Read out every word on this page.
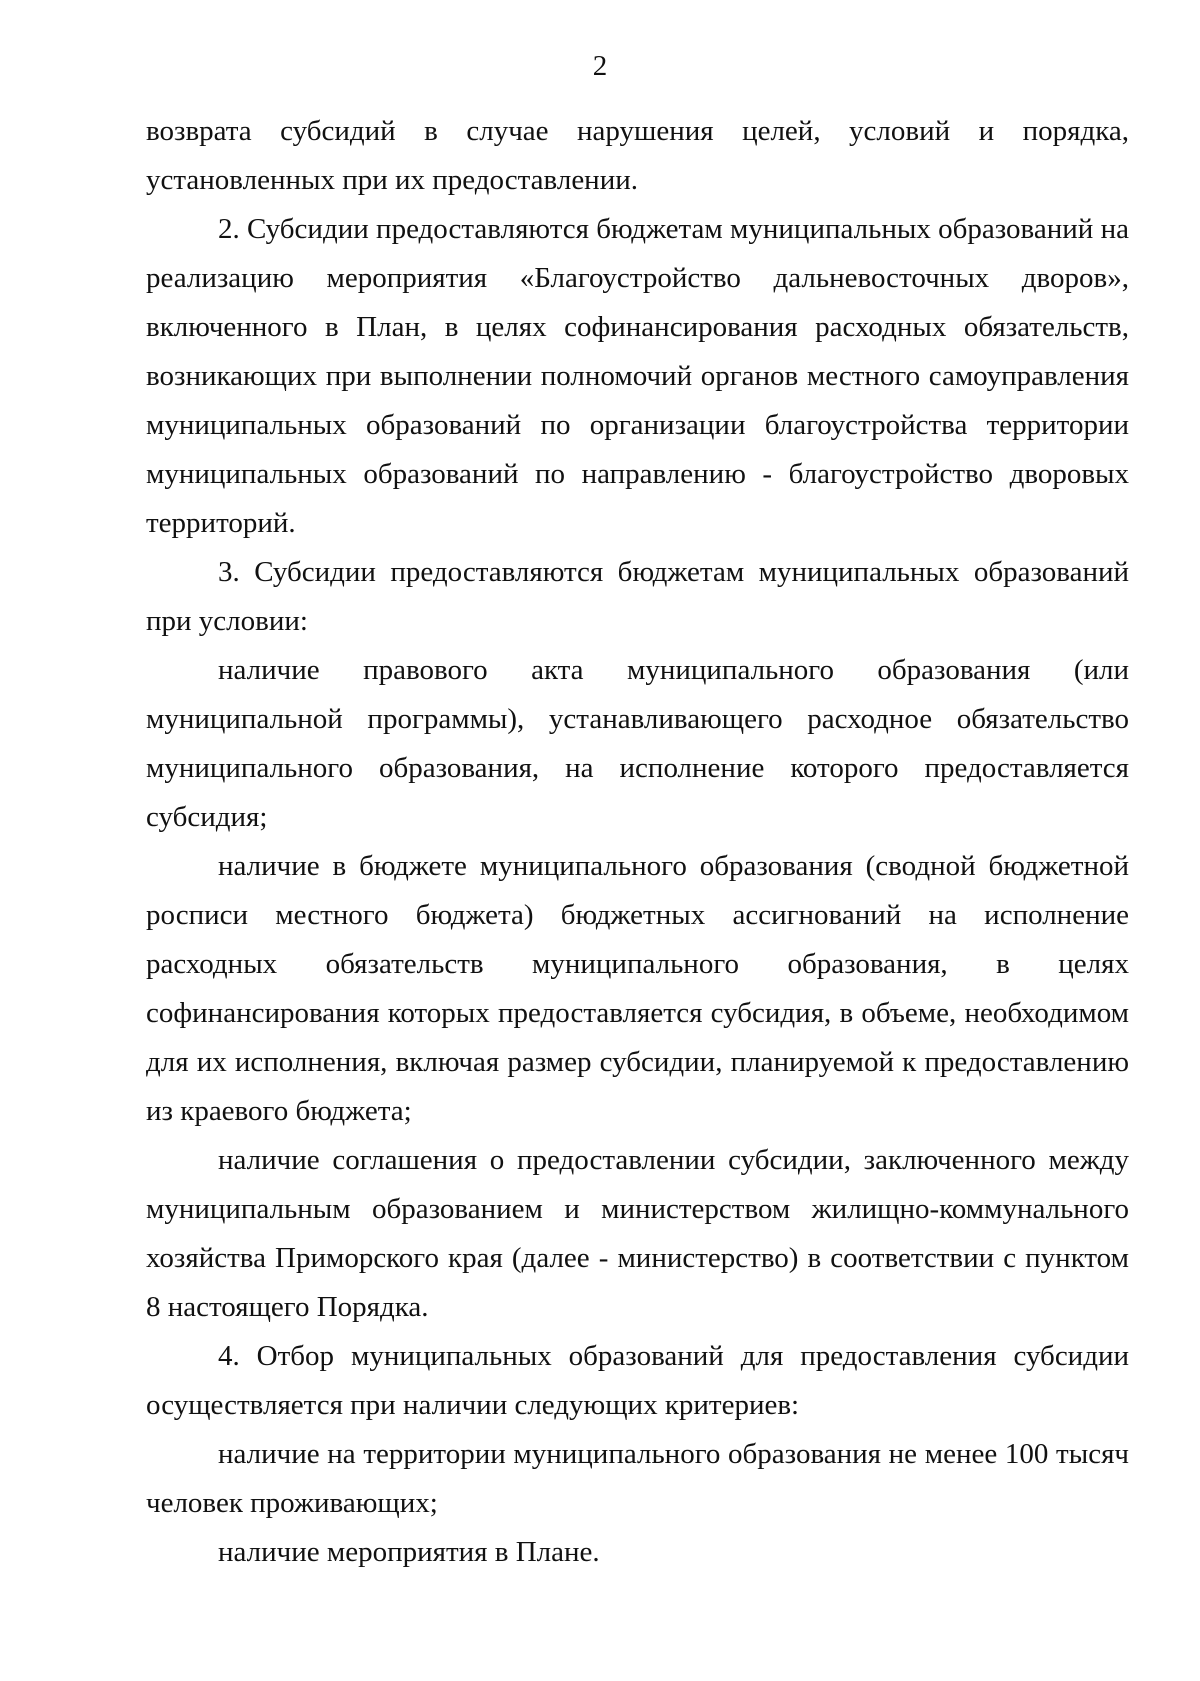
2

возврата субсидий в случае нарушения целей, условий и порядка, установленных при их предоставлении.

2. Субсидии предоставляются бюджетам муниципальных образований на реализацию мероприятия «Благоустройство дальневосточных дворов», включенного в План, в целях софинансирования расходных обязательств, возникающих при выполнении полномочий органов местного самоуправления муниципальных образований по организации благоустройства территории муниципальных образований по направлению - благоустройство дворовых территорий.

3. Субсидии предоставляются бюджетам муниципальных образований при условии:

наличие правового акта муниципального образования (или муниципальной программы), устанавливающего расходное обязательство муниципального образования, на исполнение которого предоставляется субсидия;

наличие в бюджете муниципального образования (сводной бюджетной росписи местного бюджета) бюджетных ассигнований на исполнение расходных обязательств муниципального образования, в целях софинансирования которых предоставляется субсидия, в объеме, необходимом для их исполнения, включая размер субсидии, планируемой к предоставлению из краевого бюджета;

наличие соглашения о предоставлении субсидии, заключенного между муниципальным образованием и министерством жилищно-коммунального хозяйства Приморского края (далее - министерство) в соответствии с пунктом 8 настоящего Порядка.

4. Отбор муниципальных образований для предоставления субсидии осуществляется при наличии следующих критериев:

наличие на территории муниципального образования не менее 100 тысяч человек проживающих;

наличие мероприятия в Плане.
